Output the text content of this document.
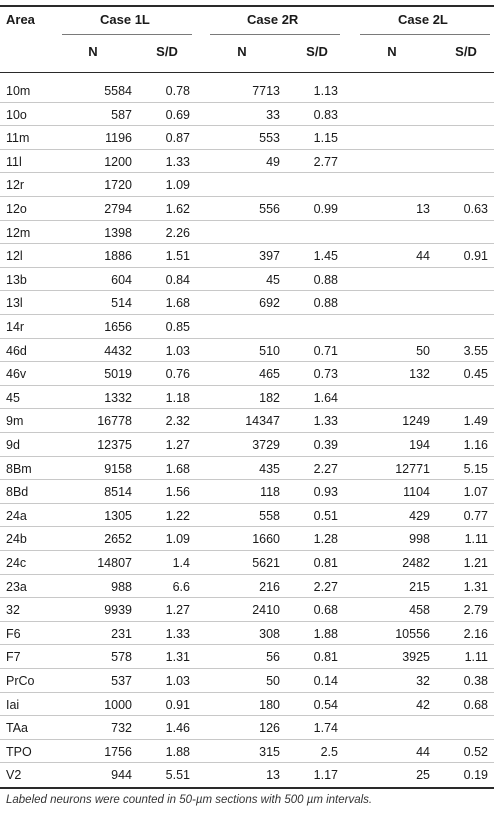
Area	Case 1L	Case 2R	Case 2L
N	S/D	N	S/D	N	S/D
10m	5584	0.78	7713	1.13
10o	587	0.69	33	0.83
11m	1196	0.87	553	1.15
11l	1200	1.33	49	2.77
12r	1720	1.09
12o	2794	1.62	556	0.99	13	0.63
12m	1398	2.26
12l	1886	1.51	397	1.45	44	0.91
13b	604	0.84	45	0.88
13l	514	1.68	692	0.88
14r	1656	0.85
46d	4432	1.03	510	0.71	50	3.55
46v	5019	0.76	465	0.73	132	0.45
45	1332	1.18	182	1.64
9m	16778	2.32	14347	1.33	1249	1.49
9d	12375	1.27	3729	0.39	194	1.16
8Bm	9158	1.68	435	2.27	12771	5.15
8Bd	8514	1.56	118	0.93	1104	1.07
24a	1305	1.22	558	0.51	429	0.77
24b	2652	1.09	1660	1.28	998	1.11
24c	14807	1.4	5621	0.81	2482	1.21
23a	988	6.6	216	2.27	215	1.31
32	9939	1.27	2410	0.68	458	2.79
F6	231	1.33	308	1.88	10556	2.16
F7	578	1.31	56	0.81	3925	1.11
PrCo	537	1.03	50	0.14	32	0.38
Iai	1000	0.91	180	0.54	42	0.68
TAa	732	1.46	126	1.74
TPO	1756	1.88	315	2.5	44	0.52
V2	944	5.51	13	1.17	25	0.19
Labeled neurons were counted in 50-µm sections with 500 µm intervals.
